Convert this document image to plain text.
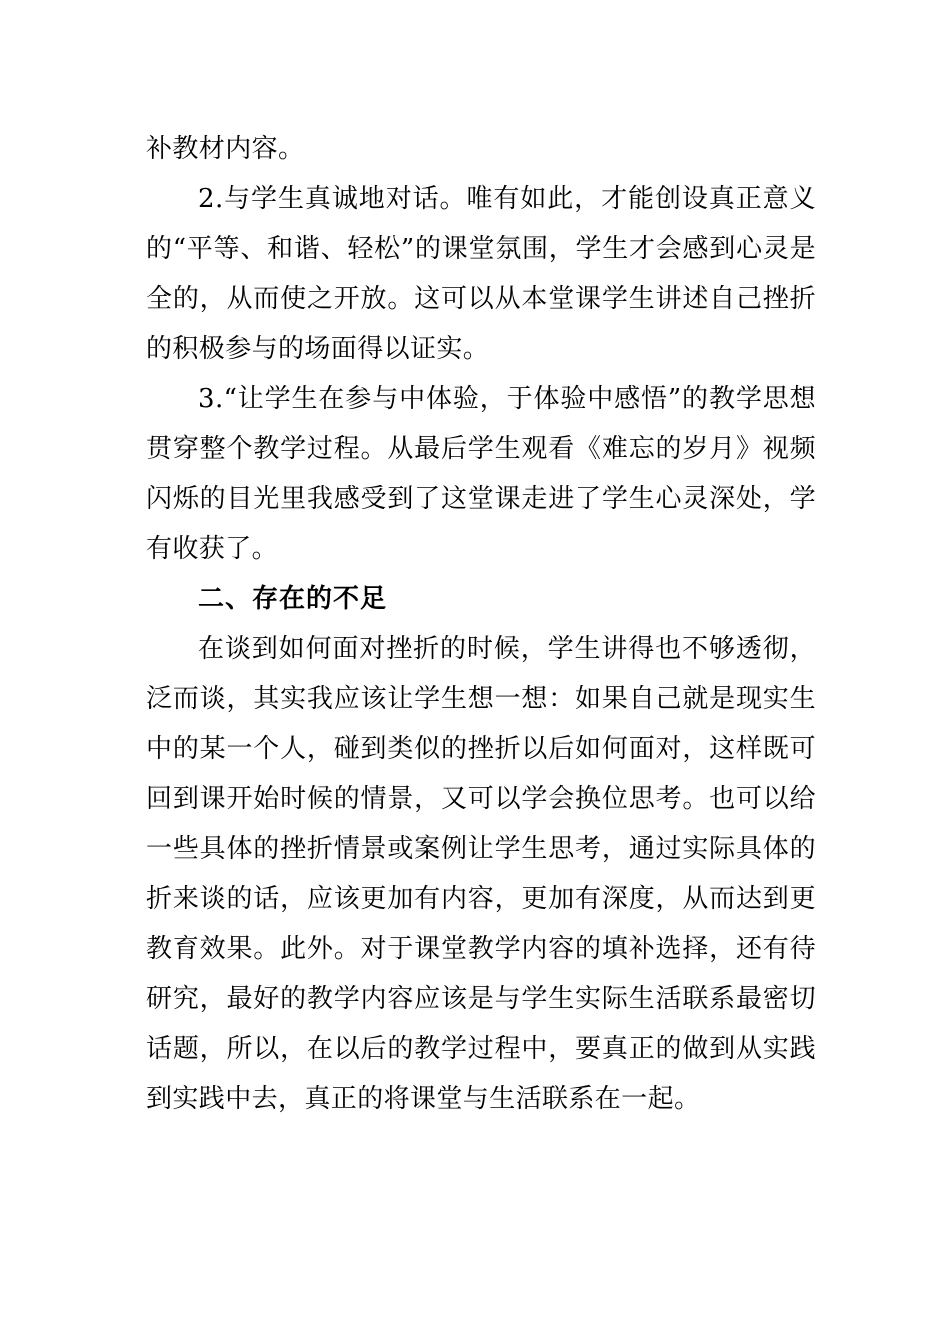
补教材内容。
2.与学生真诚地对话。唯有如此，才能创设真正意义
的“平等、和谐、轻松”的课堂氛围，学生才会感到心灵是
全的，从而使之开放。这可以从本堂课学生讲述自己挫折
的积极参与的场面得以证实。
3.“让学生在参与中体验，于体验中感悟”的教学思想
贯穿整个教学过程。从最后学生观看《难忘的岁月》视频
闪烁的目光里我感受到了这堂课走进了学生心灵深处，学
有收获了。
二、存在的不足
在谈到如何面对挫折的时候，学生讲得也不够透彻，
泛而谈，其实我应该让学生想一想：如果自己就是现实生
中的某一个人，碰到类似的挫折以后如何面对，这样既可
回到课开始时候的情景，又可以学会换位思考。也可以给
一些具体的挫折情景或案例让学生思考，通过实际具体的
折来谈的话，应该更加有内容，更加有深度，从而达到更
教育效果。此外。对于课堂教学内容的填补选择，还有待
研究，最好的教学内容应该是与学生实际生活联系最密切
话题，所以，在以后的教学过程中，要真正的做到从实践
到实践中去，真正的将课堂与生活联系在一起。
